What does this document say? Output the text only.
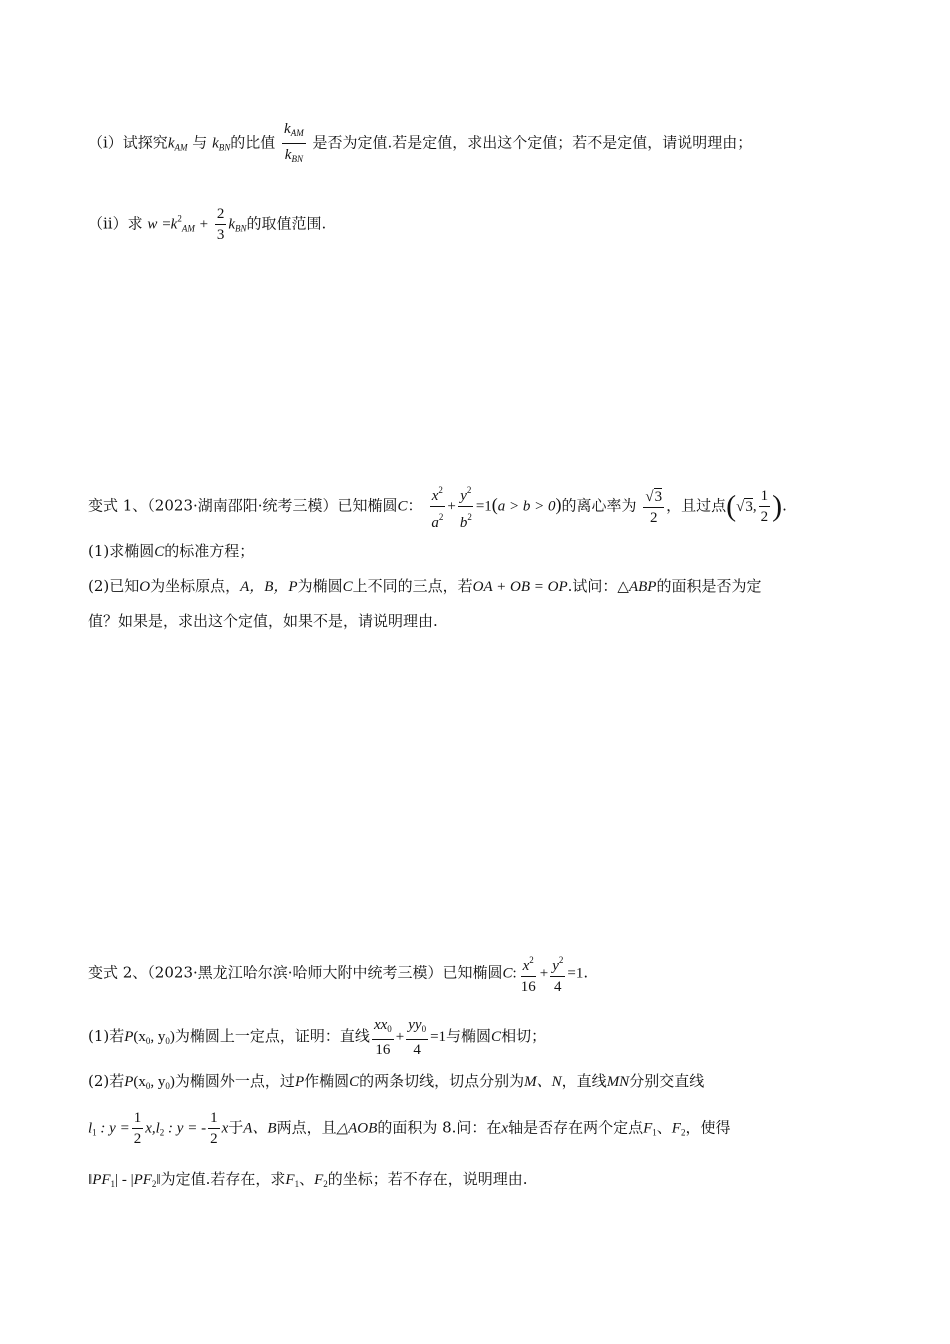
（i）试探究$k_{AM}$ 与 $k_{BN}$的比值 $\frac{k_{AM}}{k_{BN}}$ 是否为定值.若是定值，求出这个定值；若不是定值，请说明理由；
（ii）求 $w =k^2_{AM} + \frac{2}{3} k_{BN}$的取值范围.
变式 1、（2023·湖南邵阳·统考三模）已知椭圆C： $\frac{x^2}{a^2} + \frac{y^2}{b^2} =1(a > b > 0)$的离心率为 $\frac{√3}{2}$ ，且过点(√3, $\frac{1}{2}$ ).
(1)求椭圆C的标准方程；
(2)已知O为坐标原点，A，B，P为椭圆C上不同的三点，若OA + OB = OP.试问：△ABP的面积是否为定
值？如果是，求出这个定值，如果不是，请说明理由.
变式 2、（2023·黑龙江哈尔滨·哈师大附中统考三模）已知椭圆C: $\frac{x^2}{16} + \frac{y^2}{4} =1$.
(1)若$P(x_0$, $y_0$)为椭圆上一定点，证明：直线 $\frac{xx_0}{16} + \frac{yy_0}{4} =1$与椭圆C相切；
(2)若$P(x_0$, $y_0$)为椭圆外一点，过P作椭圆C的两条切线，切点分别为M、N，直线MN分别交直线
$l_1$ : $y = \frac{1}{2} x,l_2$ : y = - $\frac{1}{2}$ x于A、B两点，且△AOB的面积为 8.问：在x轴是否存在两个定点$F_1$、$F_2$，使得
$‖PF_1|$ - $|PF_2‖$为定值.若存在，求$F_1$、$F_2$的坐标；若不存在，说明理由.
